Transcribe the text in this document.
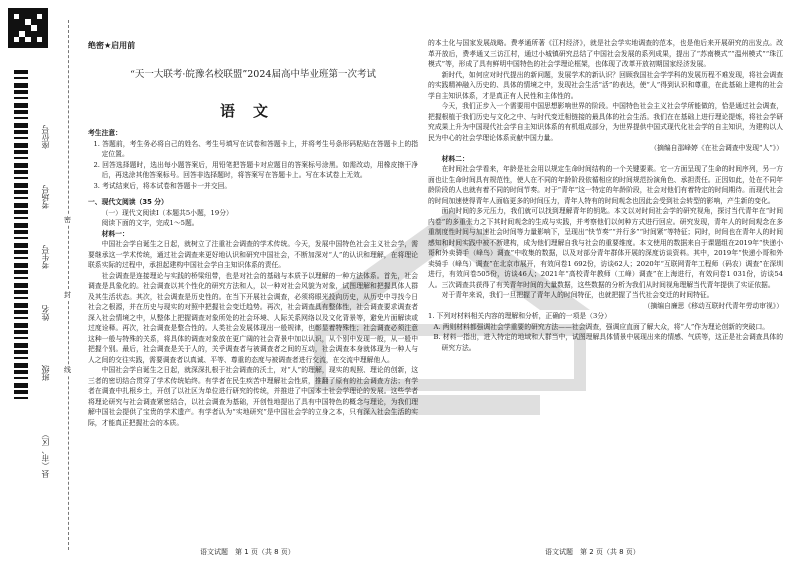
座位号
考场号
考生号
姓名
班级
县（市、区）
密
封
线
绝密★启用前
“天一大联考·皖豫名校联盟”2024届高中毕业班第一次考试
语文
考生注意：

1. 答题前，考生务必将自己的姓名、考生号填写在试卷和答题卡上，并将考生号条形码粘贴在答题卡上的指定位置。

2. 回答选择题时，选出每小题答案后，用铅笔把答题卡对应题目的答案标号涂黑。如需改动，用橡皮擦干净后，再选涂其他答案标号。回答非选择题时，将答案写在答题卡上。写在本试卷上无效。

3. 考试结束后，将本试卷和答题卡一并交回。

一、现代文阅读（35 分）

（一）现代文阅读Ⅰ（本题共5小题，19分）

阅读下面的文字，完成1～5题。

材料一：

中国社会学自诞生之日起，就树立了注重社会调查的学术传统。今天，发展中国特色社会主义社会学，需要继承这一学术传统，通过社会调查来更好地认识和研究中国社会，不断加深对“人”的认识和理解，在将理论联系实际的过程中，承担起建构中国社会学自主知识体系的责任。

社会调查是连接理论与实践的桥梁纽带，也是对社会的基础与本质予以理解的一种方法体系。首先，社会调查是具象化的。社会调查以其个性化的研究方法和人，以一种对社会风貌为对象，试图理解和把握具体人群及其生活状态。其次，社会调查是历史性的。在当下开展社会调查，必须将眼光投向历史，从历史中寻找今日社会之根源，并在历史与现实的对照中把握社会变迁趋势。再次，社会调查具有整体性，社会调查要求调查者深入社会情境之中，从整体上把握调查对象所处的社会环境、人际关系网络以及文化背景等，避免片面解读或过度诠释。再次，社会调查是整合性的。人类社会发展体现出一般规律，也彰显着特殊性；社会调查必须注意这种一般与特殊的关系，将具体的调查对象放在更广阔的社会背景中加以认识，从个别中发现一般，从一般中把握个别。最后，社会调查是关于人的，关乎调查者与被调查者之间的互动，社会调查本身就体现为一种人与人之间的交往实践，需要调查者以真诚、平等、尊重的态度与被调查者进行交流，在交流中理解他人。

中国社会学自诞生之日起，就深深扎根于社会调查的沃土，对“人”的理解，现实的观照、理论的创新，这三者的密切结合贯穿了学术传统始终。有学者在民生疾苦中理解社会性质，推翻了原有的社会调查方法；有学者在调查中扎根乡土，开创了以社区为单位进行研究的传统，并推进了中国本土社会学理论的发展。这些学者将理论研究与社会调查紧密结合，以社会调查为基础，开创性地提出了具有中国特色的概念与理论，为我们理解中国社会提供了宝贵的学术遗产。有学者认为“实地研究”是中国社会学的立身之本，只有深入社会生活的实际，才能真正把握社会的本质。

的本土化与国家发展战略。费孝通所著《江村经济》，就是社会学实地调查的范本，也是他后来开展研究的出发点。改革开放后，费孝通又三访江村，通过小城镇研究总结了中国社会发展的系列成果，提出了“苏南模式”“温州模式”“珠江模式”等，形成了具有鲜明中国特色的社会学理论框架，也体现了改革开放初期国家经济发展。

新时代，如何应对时代提出的新问题，发展学术的新认识？回顾我国社会学学科的发展历程不难发现，将社会调查的实践精神融入历史的、具体的情境之中，发现社会生活“活”的表达，使“人”得到认识和尊重，在此基础上建构的社会学自主知识体系，才是真正有人民性和主体性的。

今天，我们正步入一个需要用中国思想影响世界的阶段。中国特色社会主义社会学所能做的，恰是通过社会调查，把握根植于我们历史与文化之中、与时代变迁相链接的最具体的社会生活。我们在在基础上进行理论提炼，将社会学研究成果上升为中国现代社会学自主知识体系的有机组成部分，为世界提供中国式现代化社会学的自主知识，为建构以人民为中心的社会学理论体系贡献中国力量。

（摘编自邵峰婷《在社会调查中发现“人”》）

材料二：

在时间社会学看来，年龄是社会用以规定生命时间结构的一个关键要素。它一方面呈现了生命的时间序列，另一方面也让生命时间具有规范性，使人在不同的年龄阶段依循相应的时间规范扮演角色、承担责任。正因如此，处在不同年龄阶段的人也就有着不同的时间节奏。对于“青年”这一特定的年龄阶段，社会对他们有着特定的时间期待。而现代社会的时间加速使得青年人面临更多的时间压力，青年人特有的时间观念也因此会受到社会转型的影响，产生新的变化。

面向时间的多元压力，我们就可以找到理解青年的钥匙。本文以对时间社会学的研究视角，探讨当代青年在“时间内卷”的多重张力之下其时间观念的生成与实践，并考察他们以何种方式进行回应。研究发现，青年人的时间观念在多重制度性时间与加速社会时间等力量影响下，呈现出“快节奏”“并行多”“时间紧”等特征；同时，时间也在青年人的时间感知和时间实践中被不断建构，成为他们理解自我与社会的重要维度。本文使用的数据来自于课题组在2019年“快递小哥和外卖骑手（峰鸟）调查”中收集的数据，以及对部分青年群体开展的深度访谈资料。其中，2019年“快递小哥和外卖骑手（峰鸟）调查”在北京市展开，有效问卷1 692份，访谈62人；2020年“互联网青年工程师（码农）调查”在深圳进行，有效问卷505份，访谈46人；2021年“高校青年教师（工峰）调查”在上海进行，有效问卷1 031份，访谈54人。三次调查共获得了有关青年时间的大量数据，这些数据的分析为我们从时间视角理解当代青年提供了实证依据。

对于青年来说，我们一旦把握了青年人的时间特征，也就把握了当代社会变迁的时间特征。

（摘编自廉思《移动互联时代青年劳动审视》）

1. 下列对材料相关内容的理解和分析，正确的一项是（3分）

A. 两则材料都强调社会学重要的研究方法——社会调查，强调应直面了解大众，将“人”作为理论创新的突破口。

B. 材料一指出，进入特定的地域和人群当中，试图理解具体情景中展现出来的情感、气质等，这正是社会调查具体的研究方法。

语文试题　第 1 页（共 8 页）	语文试题　第 2 页（共 8 页）
